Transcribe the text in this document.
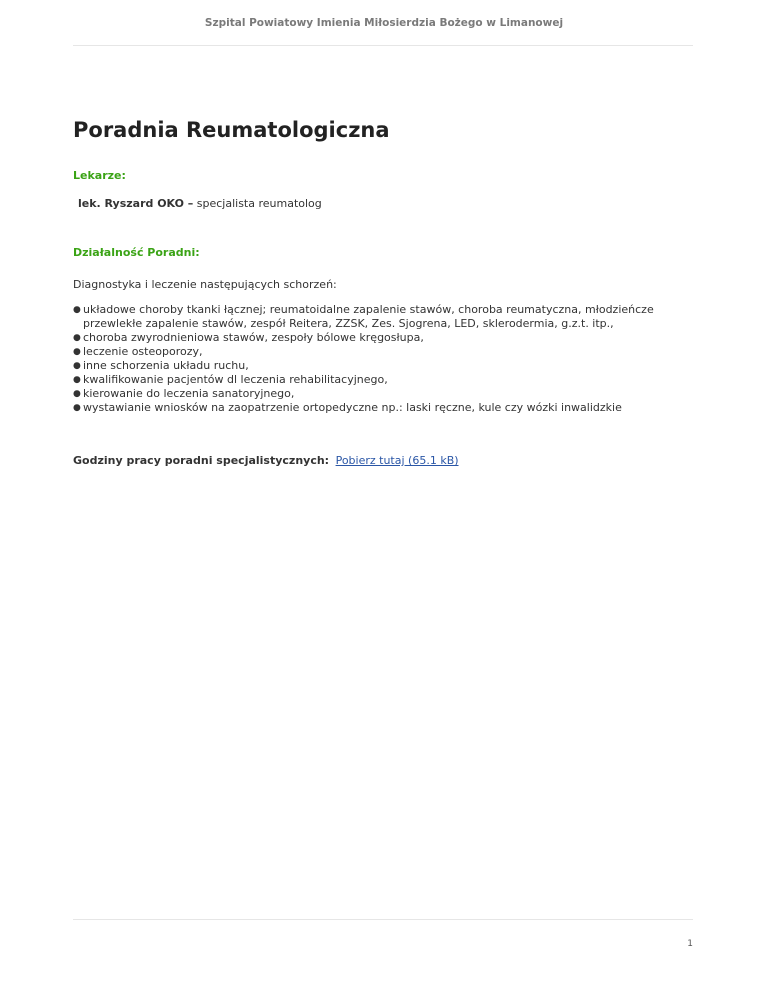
Szpital Powiatowy Imienia Miłosierdzia Bożego w Limanowej
Poradnia Reumatologiczna

Lekarze:

lek. Ryszard OKO – specjalista reumatolog

Działalność Poradni:

Diagnostyka i leczenie następujących schorzeń:

● układowe choroby tkanki łącznej; reumatoidalne zapalenie stawów, choroba reumatyczna, młodzieńcze przewlekłe zapalenie stawów, zespół Reitera, ZZSK, Zes. Sjogrena, LED, sklerodermia, g.z.t. itp.,
● choroba zwyrodnieniowa stawów, zespoły bólowe kręgosłupa,
● leczenie osteoporozy,
● inne schorzenia układu ruchu,
● kwalifikowanie pacjentów dl leczenia rehabilitacyjnego,
● kierowanie do leczenia sanatoryjnego,
● wystawianie wniosków na zaopatrzenie ortopedyczne np.: laski ręczne, kule czy wózki inwalidzkie
Godziny pracy poradni specjalistycznych: Pobierz tutaj (65.1 kB)
1
